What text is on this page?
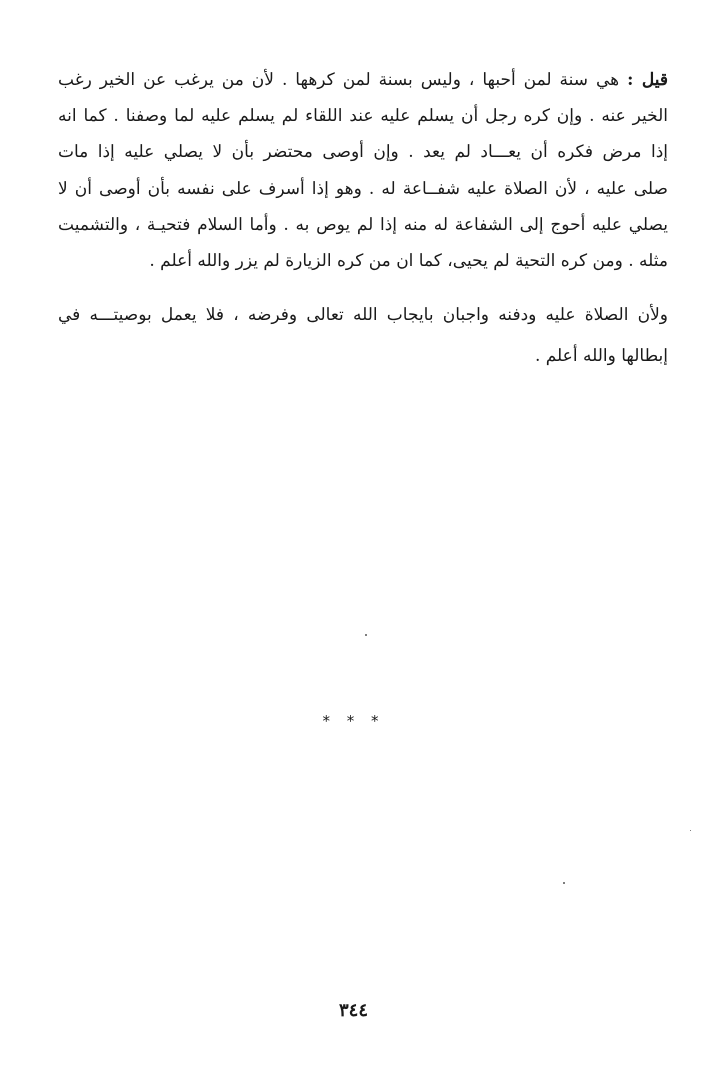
قيل : هي سنة لمن أحبها ، وليس بسنة لمن كرهها . لأن من يرغب عن الخير رغب
الخير عنه . وإن كره رجل أن يسلم عليه عند اللقاء لم يسلم عليه لما وصفنا . كما انه
إذا مرض فكره أن يعـــاد لم يعد . وإن أوصى محتضر بأن لا يصلي عليه إذا مات
صلى عليه ، لأن الصلاة عليه شفــاعة له . وهو إذا أسرف على نفسه بأن أوصى أن لا
يصلي عليه أحوج إلى الشفاعة له منه إذا لم يوص به . وأما السلام فتحيـة ، والتشميت
مثله . ومن كره التحية لم يحيى، كما ان من كره الزيارة لم يزر والله أعلم .
ولأن الصلاة عليه ودفنه واجبان بايجاب الله تعالى وفرضه ، فلا يعمل بوصيتـــه في
إبطالها والله أعلم .
* * *
٣٤٤
